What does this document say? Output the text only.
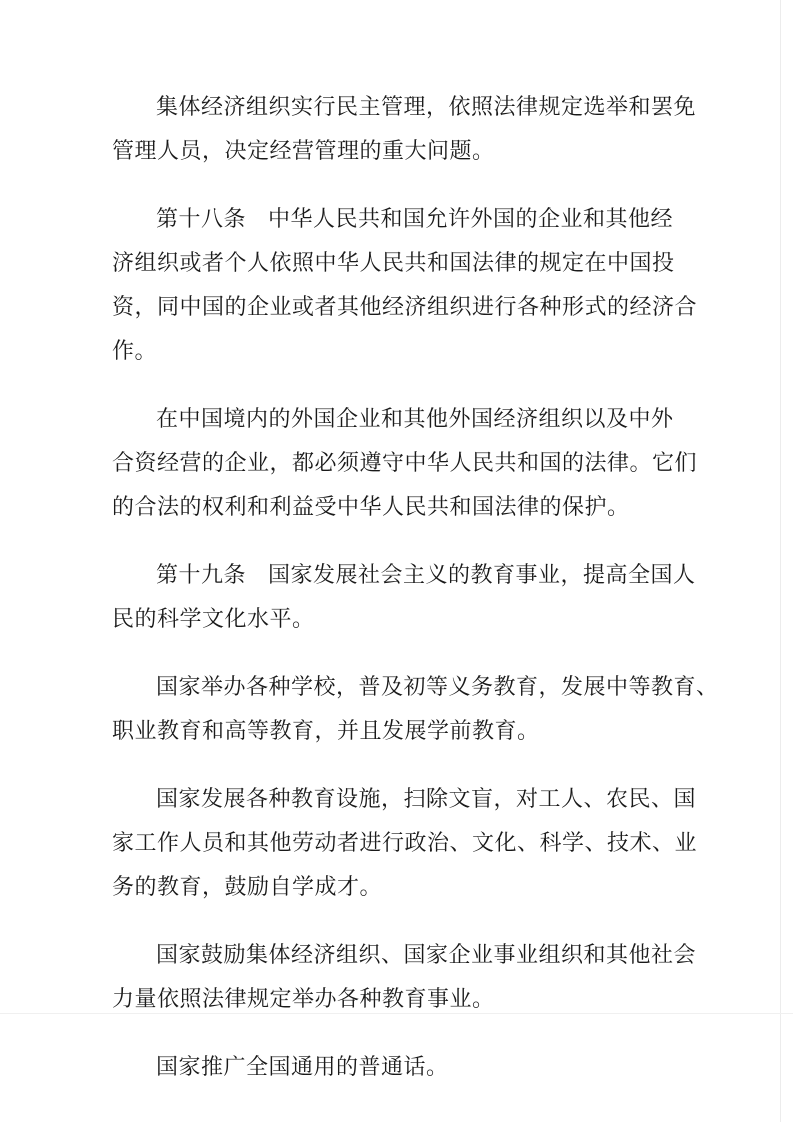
集体经济组织实行民主管理，依照法律规定选举和罢免
管理人员，决定经营管理的重大问题。

第十八条 中华人民共和国允许外国的企业和其他经
济组织或者个人依照中华人民共和国法律的规定在中国投
资，同中国的企业或者其他经济组织进行各种形式的经济合
作。

在中国境内的外国企业和其他外国经济组织以及中外
合资经营的企业，都必须遵守中华人民共和国的法律。它们
的合法的权利和利益受中华人民共和国法律的保护。

第十九条 国家发展社会主义的教育事业，提高全国人
民的科学文化水平。

国家举办各种学校，普及初等义务教育，发展中等教育、
职业教育和高等教育，并且发展学前教育。

国家发展各种教育设施，扫除文盲，对工人、农民、国
家工作人员和其他劳动者进行政治、文化、科学、技术、业
务的教育，鼓励自学成才。

国家鼓励集体经济组织、国家企业事业组织和其他社会
力量依照法律规定举办各种教育事业。

国家推广全国通用的普通话。
